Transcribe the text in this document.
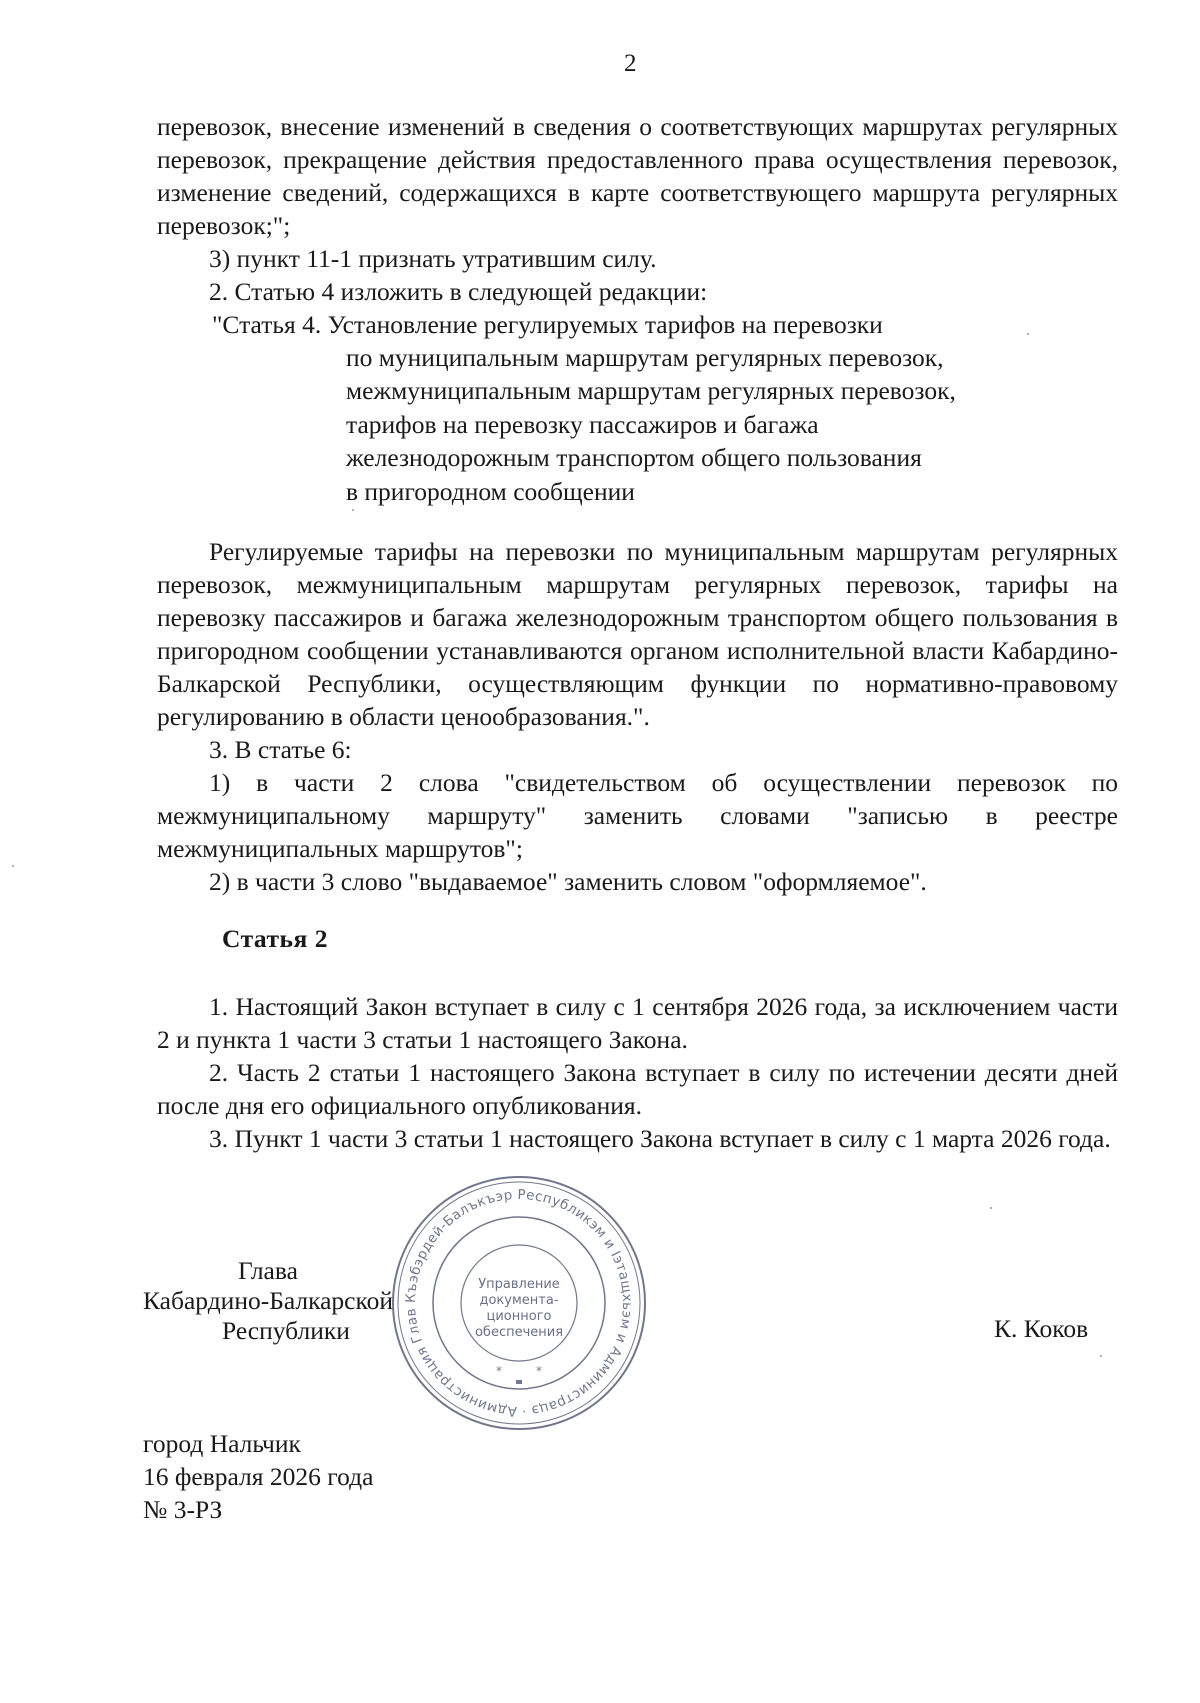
2

перевозок, внесение изменений в сведения о соответствующих маршрутах регулярных перевозок, прекращение действия предоставленного права осуществления перевозок, изменение сведений, содержащихся в карте соответствующего маршрута регулярных перевозок;";

3) пункт 11-1 признать утратившим силу.

2. Статью 4 изложить в следующей редакции:

"Статья 4. Установление регулируемых тарифов на перевозки
по муниципальным маршрутам регулярных перевозок,
межмуниципальным маршрутам регулярных перевозок,
тарифов на перевозку пассажиров и багажа
железнодорожным транспортом общего пользования
в пригородном сообщении

Регулируемые тарифы на перевозки по муниципальным маршрутам регулярных перевозок, межмуниципальным маршрутам регулярных перевозок, тарифы на перевозку пассажиров и багажа железнодорожным транспортом общего пользования в пригородном сообщении устанавливаются органом исполнительной власти Кабардино-Балкарской Республики, осуществляющим функции по нормативно-правовому регулированию в области ценообразования.".

3. В статье 6:

1) в части 2 слова "свидетельством об осуществлении перевозок по межмуниципальному маршруту" заменить словами "записью в реестре межмуниципальных маршрутов";

2) в части 3 слово "выдаваемое" заменить словом "оформляемое".

Статья 2

1. Настоящий Закон вступает в силу с 1 сентября 2026 года, за исключением части 2 и пункта 1 части 3 статьи 1 настоящего Закона.

2. Часть 2 статьи 1 настоящего Закона вступает в силу по истечении десяти дней после дня его официального опубликования.

3. Пункт 1 части 3 статьи 1 настоящего Закона вступает в силу с 1 марта 2026 года.

Къэбэрдей-Балъкъэр Республикэм и Iэтащхьэм и Администрацэ · Администрация Глав
Управление
документа-
ционного
обеспечения
*	*
Глава
Кабардино-Балкарской
Республики	К. Коков
город Нальчик
16 февраля 2026 года
№ 3-РЗ
